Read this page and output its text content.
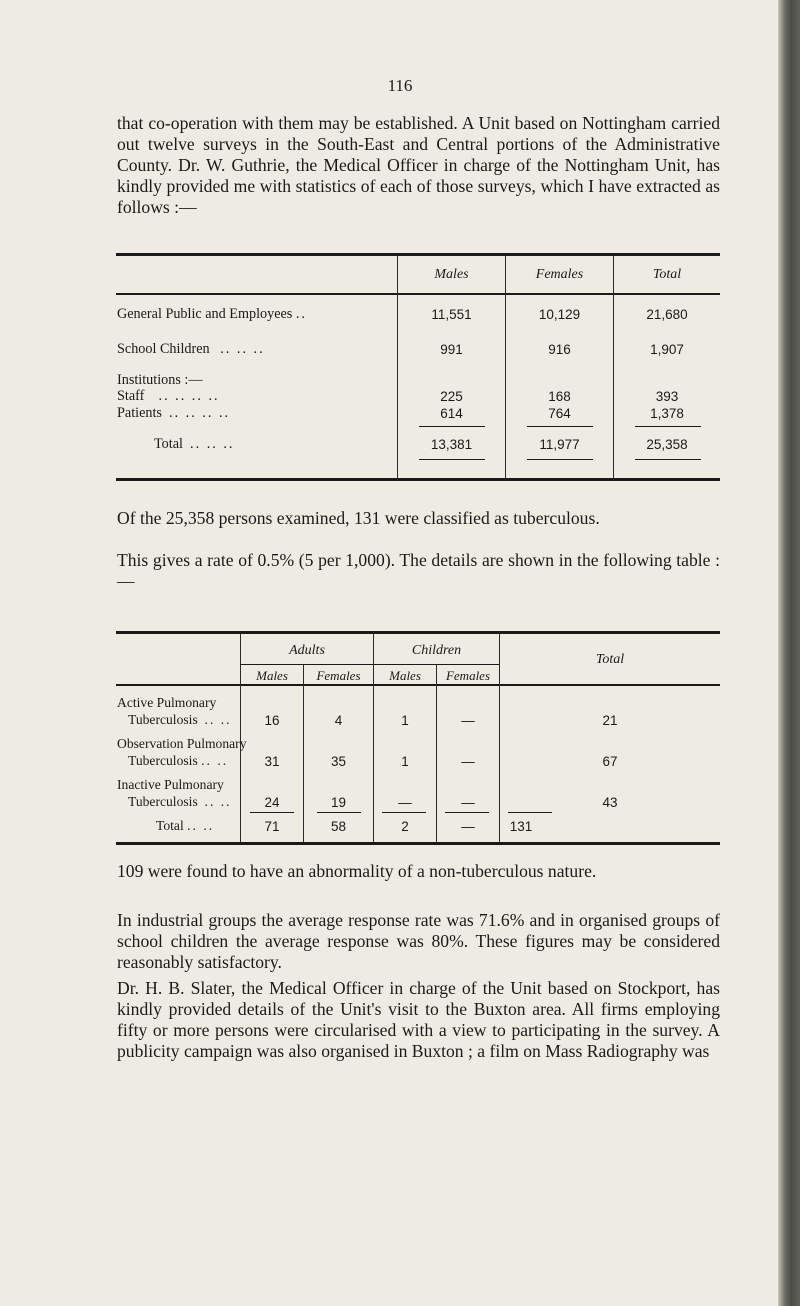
116

that co-operation with them may be established. A Unit based on Nottingham carried out twelve surveys in the South-East and Central portions of the Administrative County. Dr. W. Guthrie, the Medical Officer in charge of the Nottingham Unit, has kindly provided me with statistics of each of those surveys, which I have extracted as follows :—

Males	Females	Total
General Public and Employees ..	11,551	10,129	21,680
School Children .. .. ..	991	916	1,907
Institutions :—
Staff .. .. .. ..	225	168	393
Patients .. .. .. ..	614	764	1,378
Total .. .. ..	13,381	11,977	25,358

Of the 25,358 persons examined, 131 were classified as tuberculous.

This gives a rate of 0.5% (5 per 1,000). The details are shown in the following table :—

Adults	Children
Total
Males	Females	Males	Females
Active Pulmonary
Tuberculosis .. ..	16	4	1	—	21
Observation Pulmonary
Tuberculosis .. ..	31	35	1	—	67
Inactive Pulmonary
Tuberculosis .. ..	24	19	—	—	43
Total .. ..	71	58	2	—	131

109 were found to have an abnormality of a non-tuberculous nature.

In industrial groups the average response rate was 71.6% and in organised groups of school children the average response was 80%. These figures may be considered reasonably satisfactory.

Dr. H. B. Slater, the Medical Officer in charge of the Unit based on Stockport, has kindly provided details of the Unit's visit to the Buxton area. All firms employing fifty or more persons were circularised with a view to participating in the survey. A publicity campaign was also organised in Buxton ; a film on Mass Radiography was
